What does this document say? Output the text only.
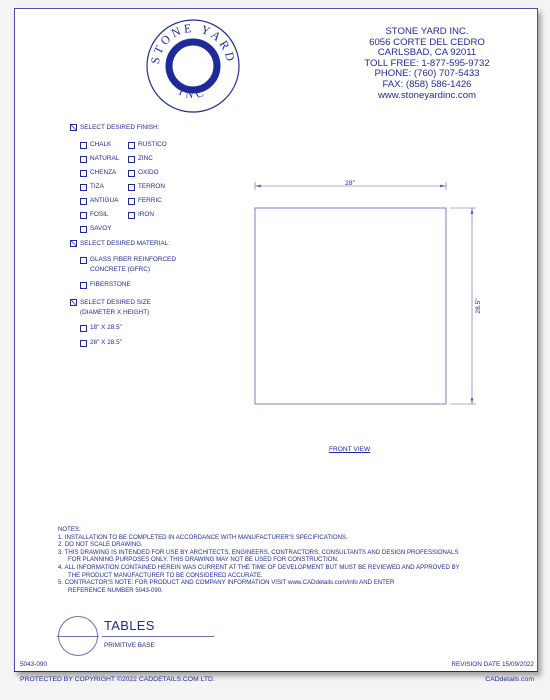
STONE YARD
INC
STONE YARD INC.
6056 CORTE DEL CEDRO
CARLSBAD, CA 92011
TOLL FREE: 1-877-595-9732
PHONE: (760) 707-5433
FAX: (858) 586-1426
www.stoneyardinc.com
SELECT DESIRED FINISH:
CHALK
NATURAL
CHENZA
TIZA
ANTIGUA
FOSIL
SAVOY
RUSTICO
ZINC
OXIDO
TERRON
FERRIC
IRON
SELECT DESIRED MATERIAL:
GLASS FIBER REINFORCED
CONCRETE (GFRC)
FIBERSTONE
SELECT DESIRED SIZE
(DIAMETER X HEIGHT)
18" X 28.5"
28" X 28.5"
28"
28.5"
FRONT VIEW
NOTES:
1. INSTALLATION TO BE COMPLETED IN ACCORDANCE WITH MANUFACTURER'S SPECIFICATIONS.
2. DO NOT SCALE DRAWING.
3. THIS DRAWING IS INTENDED FOR USE BY ARCHITECTS, ENGINEERS, CONTRACTORS, CONSULTANTS AND DESIGN PROFESSIONALS
FOR PLANNING PURPOSES ONLY. THIS DRAWING MAY NOT BE USED FOR CONSTRUCTION.
4. ALL INFORMATION CONTAINED HEREIN WAS CURRENT AT THE TIME OF DEVELOPMENT BUT MUST BE REVIEWED AND APPROVED BY
THE PRODUCT MANUFACTURER TO BE CONSIDERED ACCURATE.
5. CONTRACTOR'S NOTE: FOR PRODUCT AND COMPANY INFORMATION VISIT www.CADdetails.com/info AND ENTER
REFERENCE NUMBER 5043-090.
TABLES
PRIMITIVE BASE
5043-090	REVISION DATE 15/09/2022
PROTECTED BY COPYRIGHT ©2022 CADDETAILS.COM LTD.	CADdetails.com
